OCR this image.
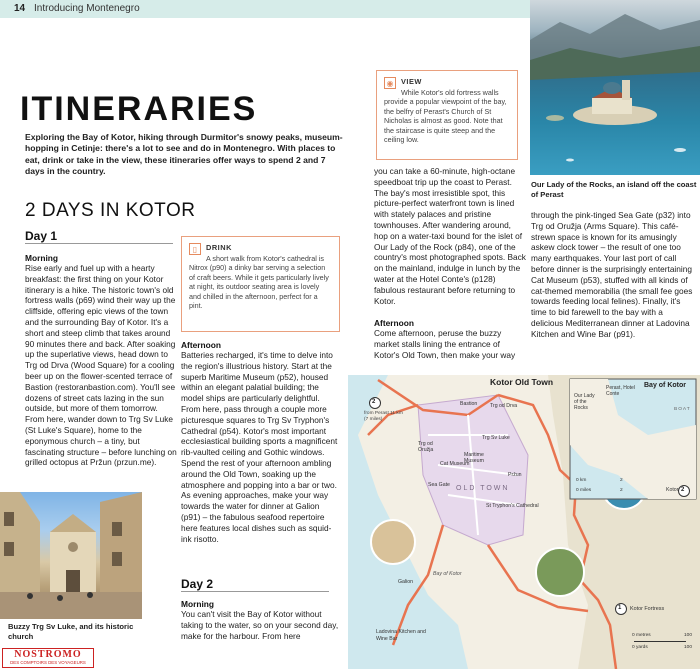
14 Introducing Montenegro
ITINERARIES
Exploring the Bay of Kotor, hiking through Durmitor's snowy peaks, museum-hopping in Cetinje: there's a lot to see and do in Montenegro. With places to eat, drink or take in the view, these itineraries offer ways to spend 2 and 7 days in the country.
2 DAYS IN KOTOR
Day 1
Morning
Rise early and fuel up with a hearty breakfast: the first thing on your Kotor itinerary is a hike. The historic town's old fortress walls (p69) wind their way up the cliffside, offering epic views of the town and the surrounding Bay of Kotor. It's a short and steep climb that takes around 90 minutes there and back. After soaking up the superlative views, head down to Trg od Drva (Wood Square) for a cooling beer up on the flower-scented terrace of Bastion (restoranbastion.com). You'll see dozens of street cats lazing in the sun outside, but more of them tomorrow. From here, wander down to Trg Sv Luke (St Luke's Square), home to the eponymous church – a tiny, but fascinating structure – before lunching on grilled octopus at Pržun (przun.me).
▯	DRINK
A short walk from Kotor's cathedral is Nitrox (p90) a dinky bar serving a selection of craft beers. While it gets particularly lively at night, its outdoor seating area is lovely and chilled in the afternoon, perfect for a pint.
Afternoon
Batteries recharged, it's time to delve into the region's illustrious history. Start at the superb Maritime Museum (p52), housed within an elegant palatial building; the model ships are particularly delightful. From here, pass through a couple more picturesque squares to Trg Sv Tryphon's Cathedral (p54). Kotor's most important ecclesiastical building sports a magnificent rib-vaulted ceiling and Gothic windows. Spend the rest of your afternoon ambling around the Old Town, soaking up the atmosphere and popping into a bar or two. As evening approaches, make your way towards the water for dinner at Galion (p91) – the fabulous seafood repertoire here features local dishes such as squid-ink risotto.
Day 2
Morning
You can't visit the Bay of Kotor without taking to the water, so on your second day, make for the harbour. From here
◉	VIEW
While Kotor's old fortress walls provide a popular viewpoint of the bay, the belfry of Perast's Church of St Nicholas is almost as good. Note that the staircase is quite steep and the ceiling low.
you can take a 60-minute, high-octane speedboat trip up the coast to Perast. The bay's most irresistible spot, this picture-perfect waterfront town is lined with stately palaces and pristine townhouses. After wandering around, hop on a water-taxi bound for the islet of Our Lady of the Rock (p84), one of the country's most photographed spots. Back on the mainland, indulge in lunch by the water at the Hotel Conte's (p128) fabulous restaurant before returning to Kotor.
Afternoon
Come afternoon, peruse the buzzy market stalls lining the entrance of Kotor's Old Town, then make your way
through the pink-tinged Sea Gate (p32) into Trg od Oružja (Arms Square). This café-strewn space is known for its amusingly askew clock tower – the result of one too many earthquakes. Your last port of call before dinner is the surprisingly entertaining Cat Museum (p53), stuffed with all kinds of cat-themed memorabilia (the small fee goes towards feeding local felines). Finally, it's time to bid farewell to the bay with a delicious Mediterranean dinner at Ladovina Kitchen and Wine Bar (p91).
Our Lady of the Rocks, an island off the coast of Perast
Buzzy Trg Sv Luke, and its historic church
NOSTROMO
DES COMPTOIRS DES VOYAGEURS
Kotor Old Town	Bay of Kotor
OLD TOWN
2
from Perast 11 km (7 miles)
Bastion Trg od Drva
Trg Sv Luke
Trg od Oružja
Cat Museum
Maritime Museum
Pržun
Sea Gate
St Tryphon's Cathedral
Bay of Kotor
Galion
Ladovina Kitchen and Wine Bar
1 Kotor Fortress
Perast, Hotel Conte
Our Lady of the Rocks
Kotor 2
BOAT
0 km	2
0 miles	2
0 metres	100
0 yards	100
